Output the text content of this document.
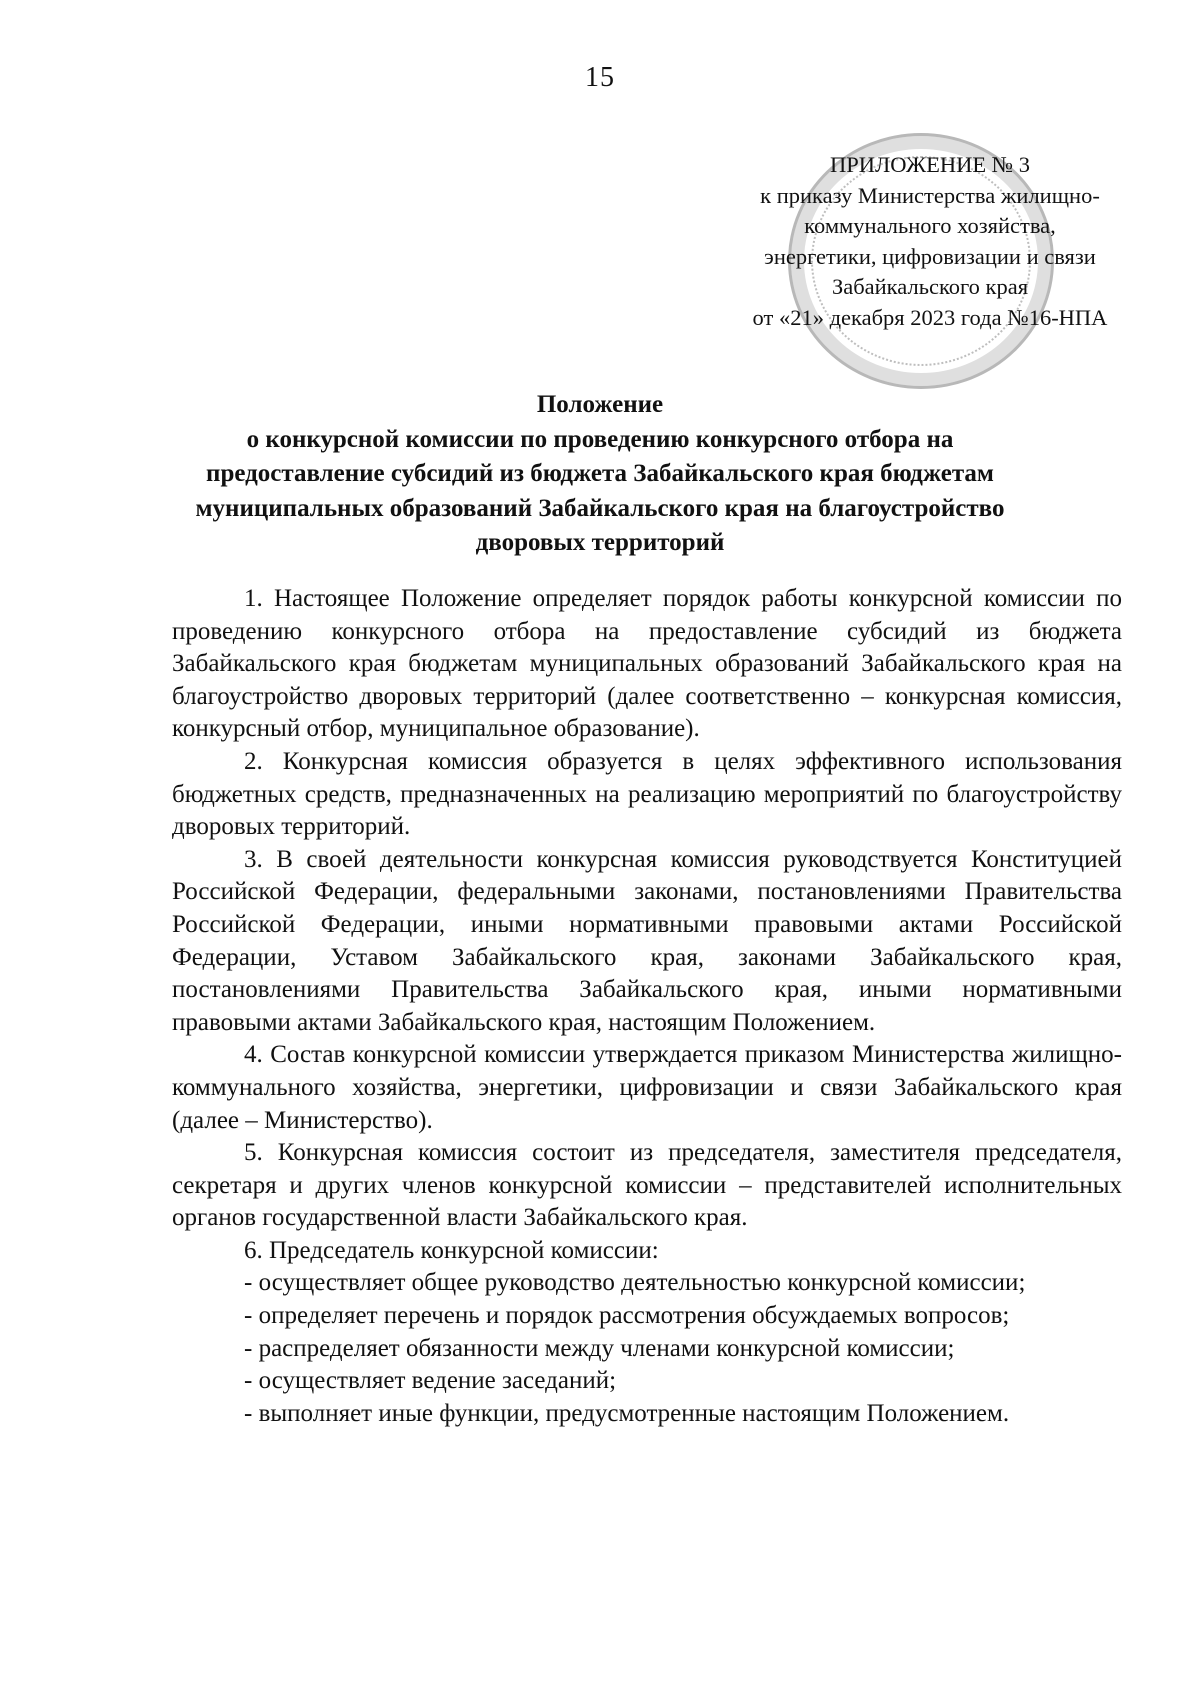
15
ПРИЛОЖЕНИЕ № 3
к приказу Министерства жилищно-
коммунального хозяйства,
энергетики, цифровизации и связи
Забайкальского края
от «21» декабря 2023 года №16-НПА
Положение
о конкурсной комиссии по проведению конкурсного отбора на
предоставление субсидий из бюджета Забайкальского края бюджетам
муниципальных образований Забайкальского края на благоустройство
дворовых территорий

1. Настоящее Положение определяет порядок работы конкурсной комиссии по проведению конкурсного отбора на предоставление субсидий из бюджета Забайкальского края бюджетам муниципальных образований Забайкальского края на благоустройство дворовых территорий (далее соответственно – конкурсная комиссия, конкурсный отбор, муниципальное образование).

2. Конкурсная комиссия образуется в целях эффективного использования бюджетных средств, предназначенных на реализацию мероприятий по благоустройству дворовых территорий.

3. В своей деятельности конкурсная комиссия руководствуется Конституцией Российской Федерации, федеральными законами, постановлениями Правительства Российской Федерации, иными нормативными правовыми актами Российской Федерации, Уставом Забайкальского края, законами Забайкальского края, постановлениями Правительства Забайкальского края, иными нормативными правовыми актами Забайкальского края, настоящим Положением.

4. Состав конкурсной комиссии утверждается приказом Министерства жилищно-коммунального хозяйства, энергетики, цифровизации и связи Забайкальского края (далее – Министерство).

5. Конкурсная комиссия состоит из председателя, заместителя председателя, секретаря и других членов конкурсной комиссии – представителей исполнительных органов государственной власти Забайкальского края.

6. Председатель конкурсной комиссии:

- осуществляет общее руководство деятельностью конкурсной комиссии;

- определяет перечень и порядок рассмотрения обсуждаемых вопросов;

- распределяет обязанности между членами конкурсной комиссии;

- осуществляет ведение заседаний;

- выполняет иные функции, предусмотренные настоящим Положением.
